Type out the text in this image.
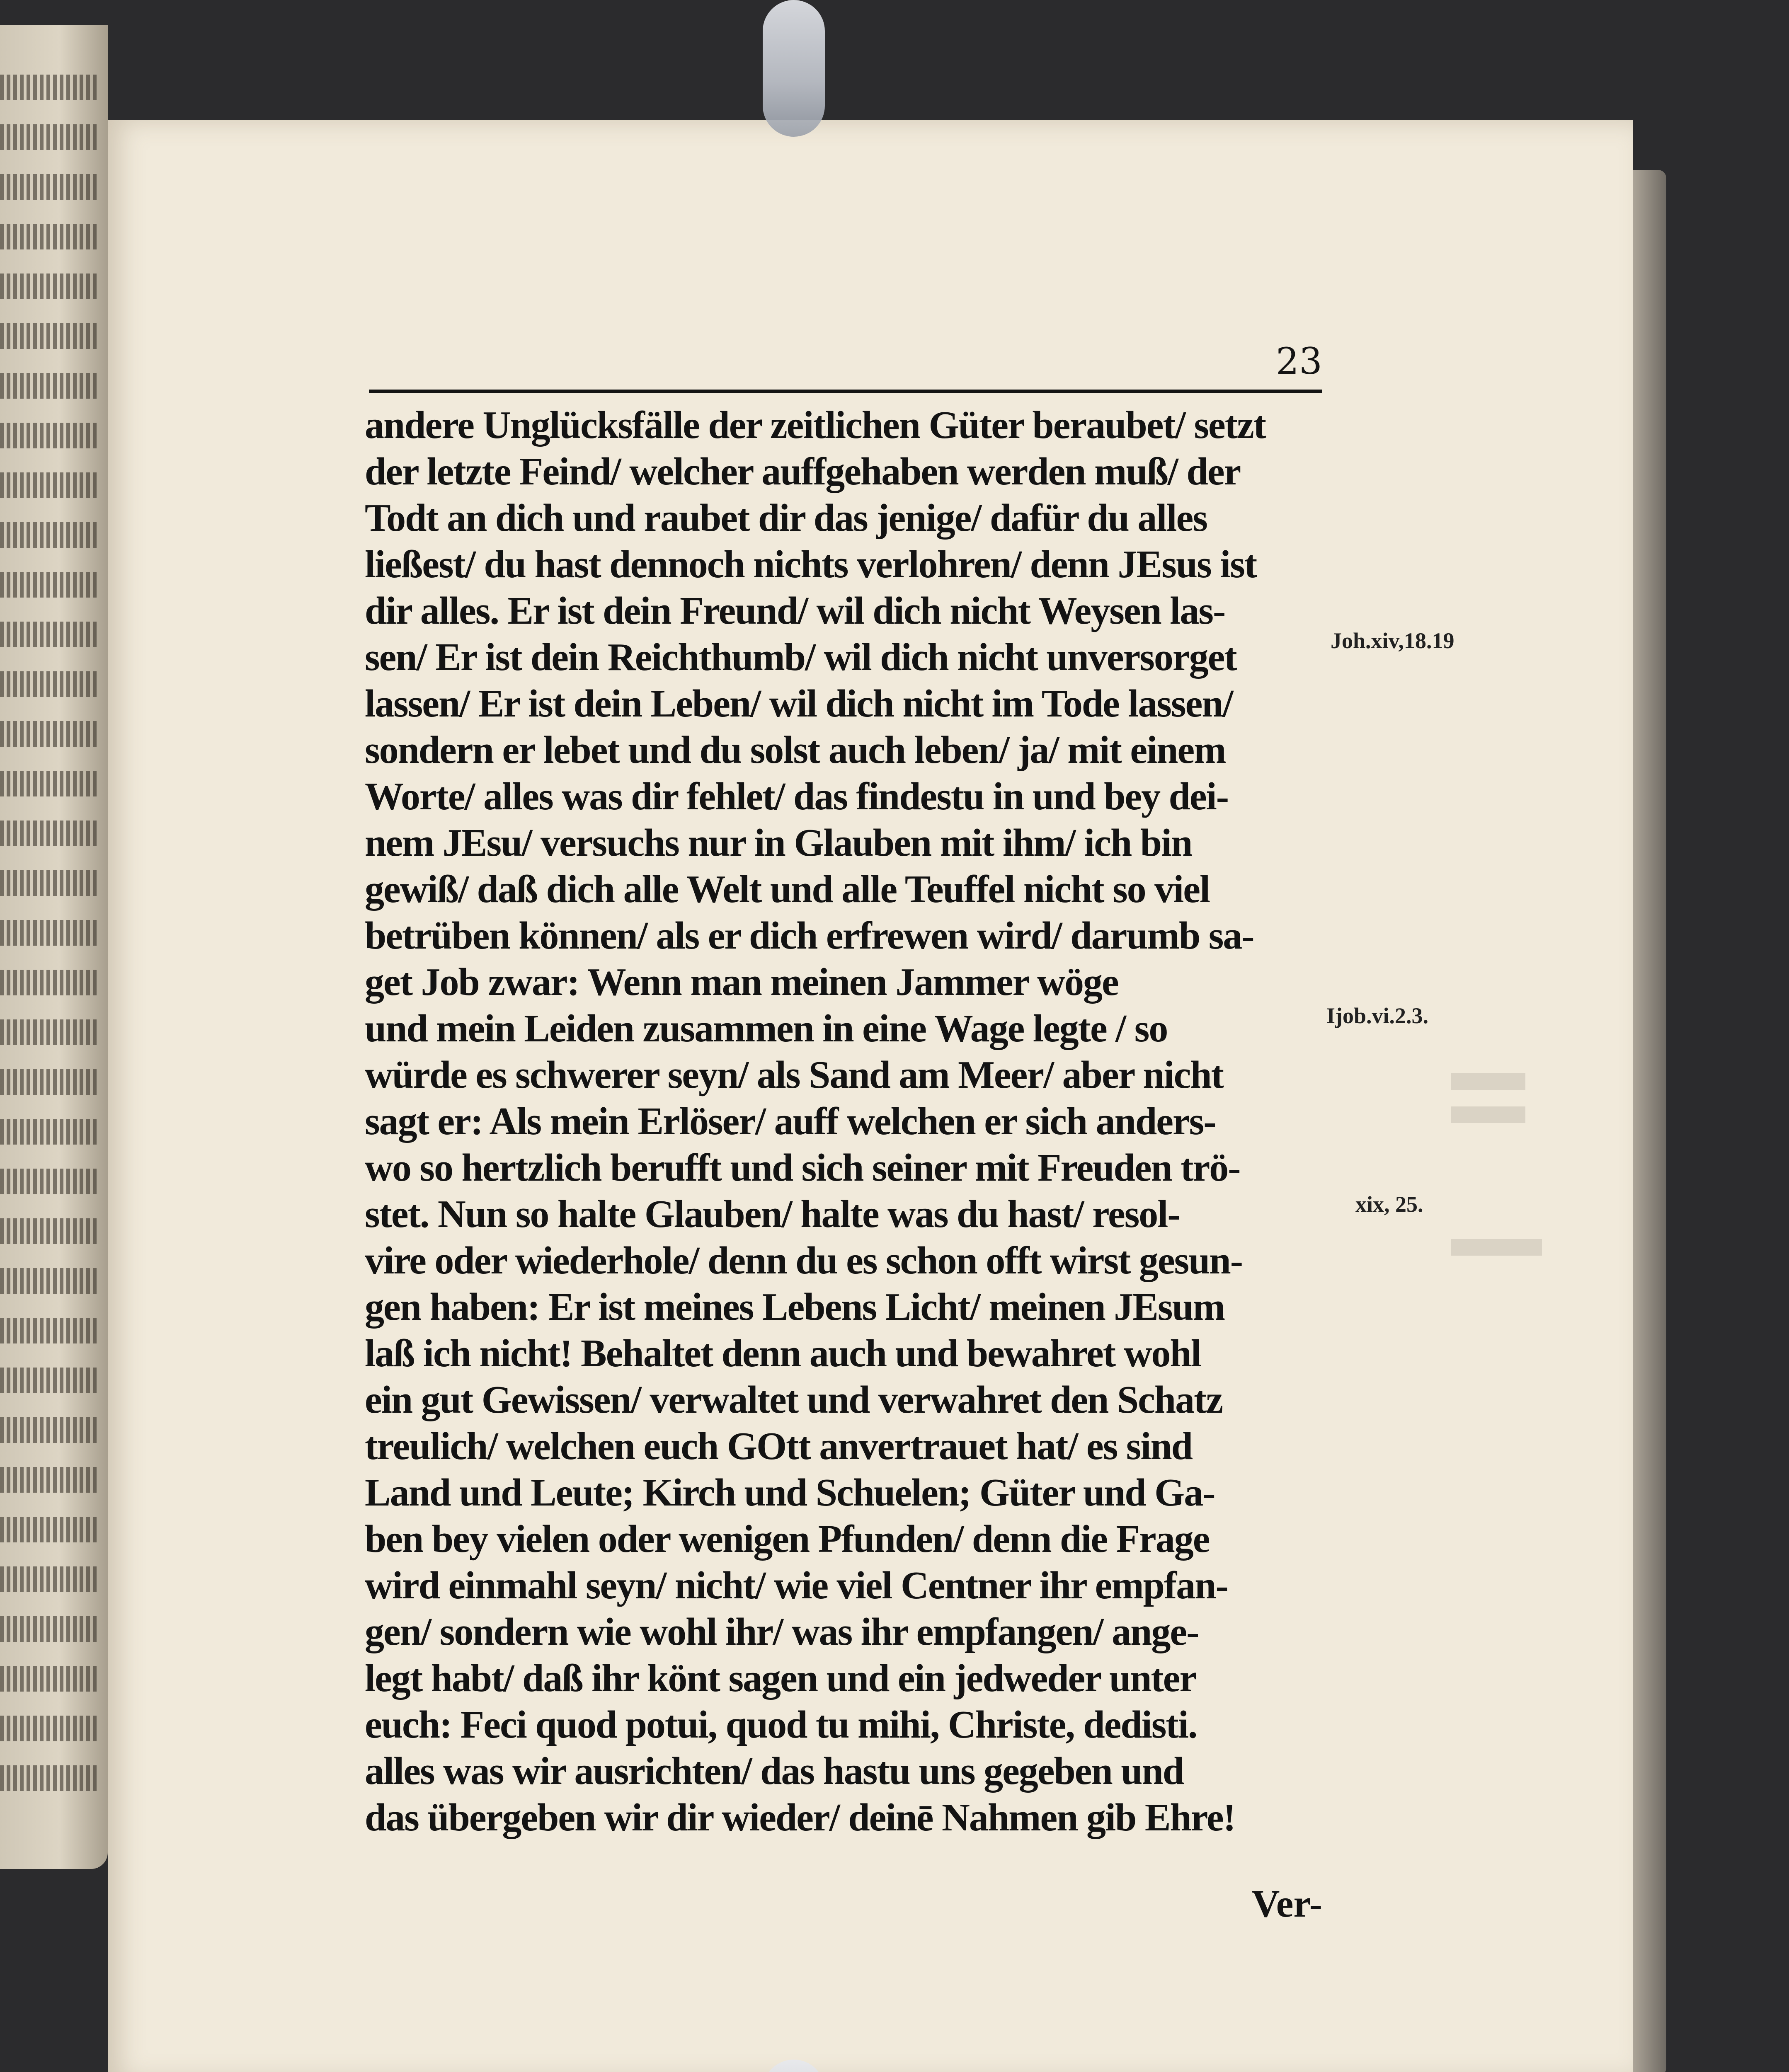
23
andere Unglücksfälle der zeitlichen Güter beraubet/ setzt
der letzte Feind/ welcher auffgehaben werden muß/ der
Todt an dich und raubet dir das jenige/ dafür du alles
ließest/ du hast dennoch nichts verlohren/ denn JEsus ist
dir alles. Er ist dein Freund/ wil dich nicht Weysen las-
sen/ Er ist dein Reichthumb/ wil dich nicht unversorget
lassen/ Er ist dein Leben/ wil dich nicht im Tode lassen/
sondern er lebet und du solst auch leben/ ja/ mit einem
Worte/ alles was dir fehlet/ das findestu in und bey dei-
nem JEsu/ versuchs nur in Glauben mit ihm/ ich bin
gewiß/ daß dich alle Welt und alle Teuffel nicht so viel
betrüben können/ als er dich erfrewen wird/ darumb sa-
get Job zwar: Wenn man meinen Jammer wöge
und mein Leiden zusammen in eine Wage legte / so
würde es schwerer seyn/ als Sand am Meer/ aber nicht
sagt er: Als mein Erlöser/ auff welchen er sich anders-
wo so hertzlich berufft und sich seiner mit Freuden trö-
stet. Nun so halte Glauben/ halte was du hast/ resol-
vire oder wiederhole/ denn du es schon offt wirst gesun-
gen haben: Er ist meines Lebens Licht/ meinen JEsum
laß ich nicht! Behaltet denn auch und bewahret wohl
ein gut Gewissen/ verwaltet und verwahret den Schatz
treulich/ welchen euch GOtt anvertrauet hat/ es sind
Land und Leute; Kirch und Schuelen; Güter und Ga-
ben bey vielen oder wenigen Pfunden/ denn die Frage
wird einmahl seyn/ nicht/ wie viel Centner ihr empfan-
gen/ sondern wie wohl ihr/ was ihr empfangen/ ange-
legt habt/ daß ihr könt sagen und ein jedweder unter
euch: Feci quod potui, quod tu mihi, Christe, dedisti.
alles was wir ausrichten/ das hastu uns gegeben und
das übergeben wir dir wieder/ deinē Nahmen gib Ehre!
Ver-
Joh.xiv,18.19
Ijob.vi.2.3.
xix, 25.
